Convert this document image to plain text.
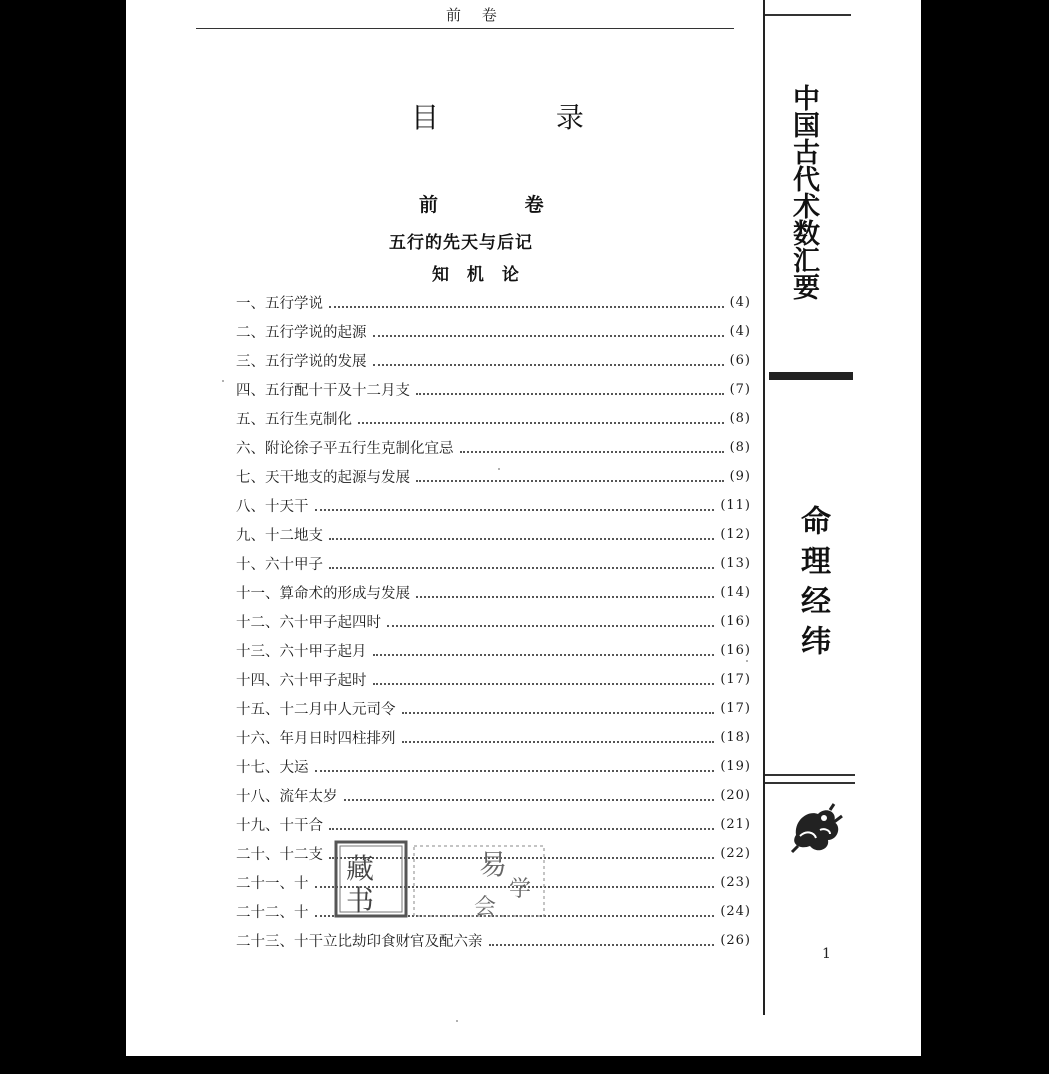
前 卷
目 录
前 卷
五行的先天与后记
知 机 论
一、五行学说	(4)
二、五行学说的起源	(4)
三、五行学说的发展	(6)
四、五行配十干及十二月支	(7)
五、五行生克制化	(8)
六、附论徐子平五行生克制化宜忌	(8)
七、天干地支的起源与发展	(9)
八、十天干	(11)
九、十二地支	(12)
十、六十甲子	(13)
十一、算命术的形成与发展	(14)
十二、六十甲子起四时	(16)
十三、六十甲子起月	(16)
十四、六十甲子起时	(17)
十五、十二月中人元司令	(17)
十六、年月日时四柱排列	(18)
十七、大运	(19)
十八、流年太岁	(20)
十九、十干合	(21)
二十、十二支	(22)
二十一、十	(23)
二十二、十	(24)
二十三、十干立比劫印食财官及配六亲	(26)
藏
书
易
学
会
中国古代术数汇要
命理经纬
1
